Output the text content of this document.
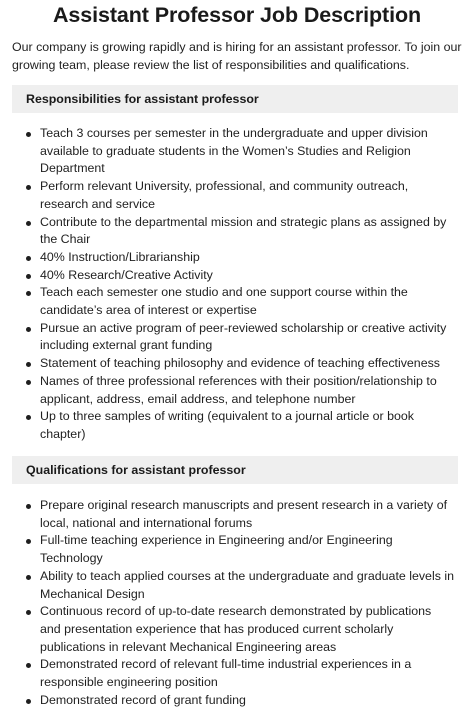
Assistant Professor Job Description
Our company is growing rapidly and is hiring for an assistant professor. To join our growing team, please review the list of responsibilities and qualifications.
Responsibilities for assistant professor
Teach 3 courses per semester in the undergraduate and upper division available to graduate students in the Women’s Studies and Religion Department
Perform relevant University, professional, and community outreach, research and service
Contribute to the departmental mission and strategic plans as assigned by the Chair
40% Instruction/Librarianship
40% Research/Creative Activity
Teach each semester one studio and one support course within the candidate’s area of interest or expertise
Pursue an active program of peer-reviewed scholarship or creative activity including external grant funding
Statement of teaching philosophy and evidence of teaching effectiveness
Names of three professional references with their position/relationship to applicant, address, email address, and telephone number
Up to three samples of writing (equivalent to a journal article or book chapter)
Qualifications for assistant professor
Prepare original research manuscripts and present research in a variety of local, national and international forums
Full-time teaching experience in Engineering and/or Engineering Technology
Ability to teach applied courses at the undergraduate and graduate levels in Mechanical Design
Continuous record of up-to-date research demonstrated by publications and presentation experience that has produced current scholarly publications in relevant Mechanical Engineering areas
Demonstrated record of relevant full-time industrial experiences in a responsible engineering position
Demonstrated record of grant funding
